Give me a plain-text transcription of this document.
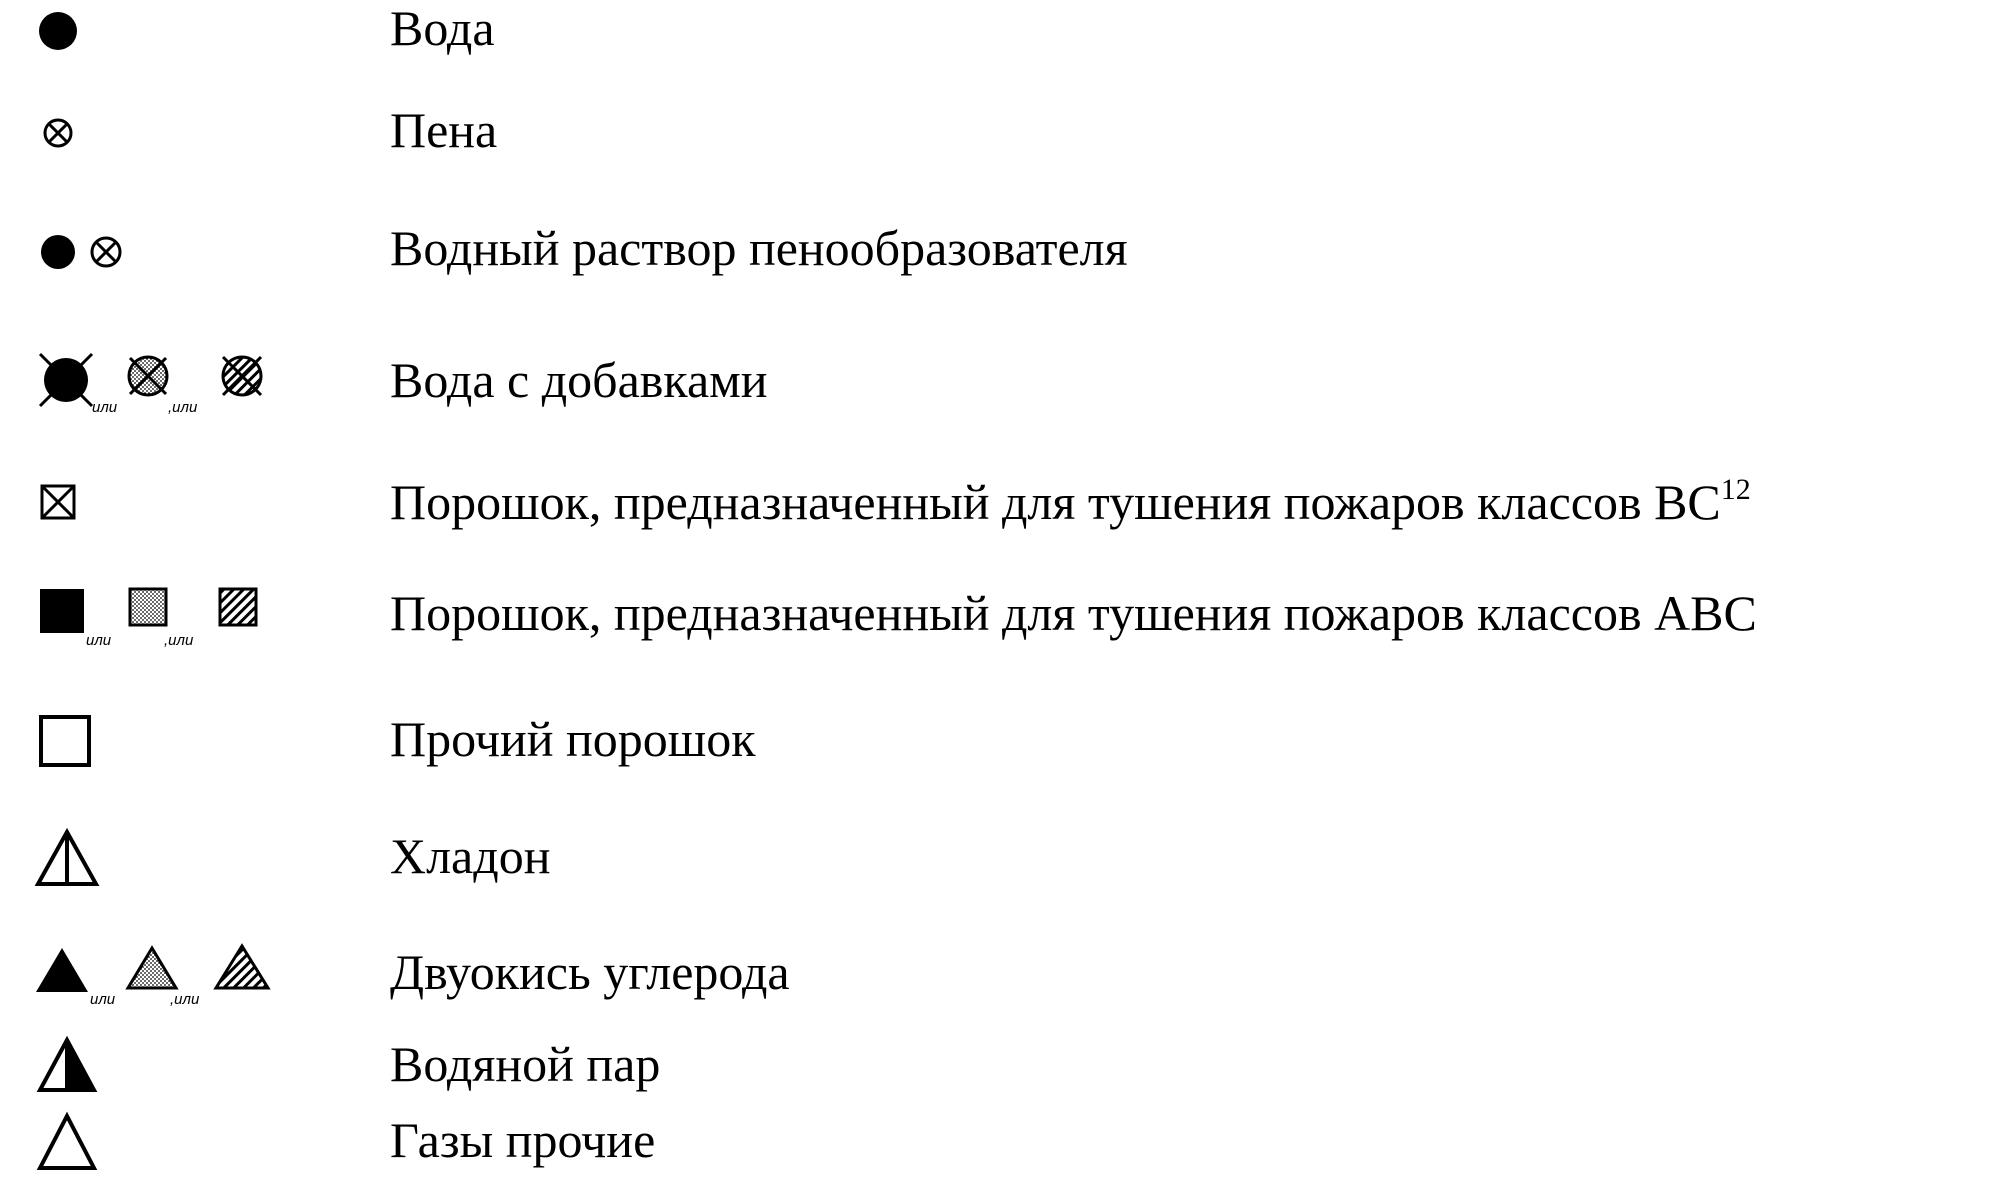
Вода
Пена
Водный раствор пенообразователя
или	,или	Вода с добавками
Порошок, предназначенный для тушения пожаров классов ВС$^{12}$
или	,или	Порошок, предназначенный для тушения пожаров классов АВС
Прочий порошок
Хладон
или	,или	Двуокись углерода
Водяной пар
Газы прочие
